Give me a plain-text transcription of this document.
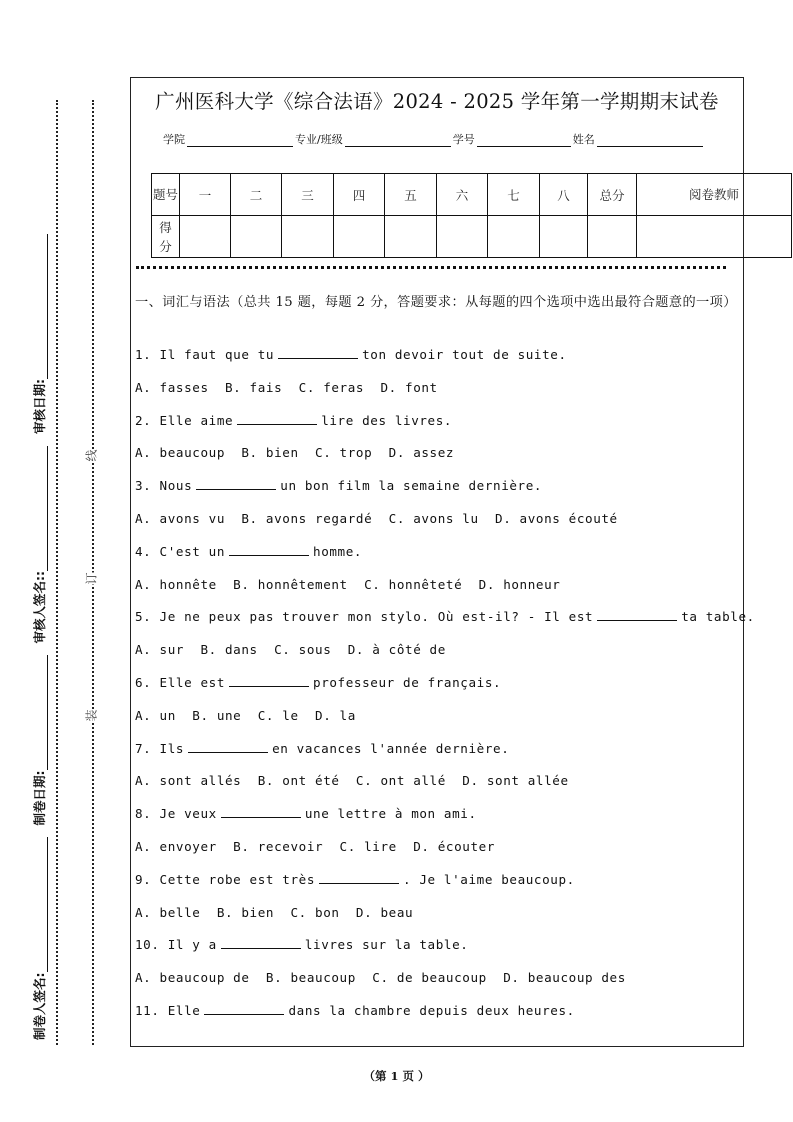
装
订
线
制卷人签名:
制卷日期:
审核人签名::
审核日期:
广州医科大学《综合法语》2024 - 2025 学年第一学期期末试卷
学院	专业/班级	学号	姓名
题号	一	二	三	四	五	六	七	八	总分	阅卷教师
得分										
一、词汇与语法（总共 15 题，每题 2 分，答题要求：从每题的四个选项中选出最符合题意的一项）
1. Il faut que tu	ton devoir tout de suite.
A. fasses  B. fais  C. feras  D. font
2. Elle aime	lire des livres.
A. beaucoup  B. bien  C. trop  D. assez
3. Nous	un bon film la semaine dernière.
A. avons vu  B. avons regardé  C. avons lu  D. avons écouté
4. C'est un	homme.
A. honnête  B. honnêtement  C. honnêteté  D. honneur
5. Je ne peux pas trouver mon stylo. Où est-il? - Il est	ta table.
A. sur  B. dans  C. sous  D. à côté de
6. Elle est	professeur de français.
A. un  B. une  C. le  D. la
7. Ils	en vacances l'année dernière.
A. sont allés  B. ont été  C. ont allé  D. sont allée
8. Je veux	une lettre à mon ami.
A. envoyer  B. recevoir  C. lire  D. écouter
9. Cette robe est très	. Je l'aime beaucoup.
A. belle  B. bien  C. bon  D. beau
10. Il y a	livres sur la table.
A. beaucoup de  B. beaucoup  C. de beaucoup  D. beaucoup des
11. Elle	dans la chambre depuis deux heures.
（第 1 页 ）
